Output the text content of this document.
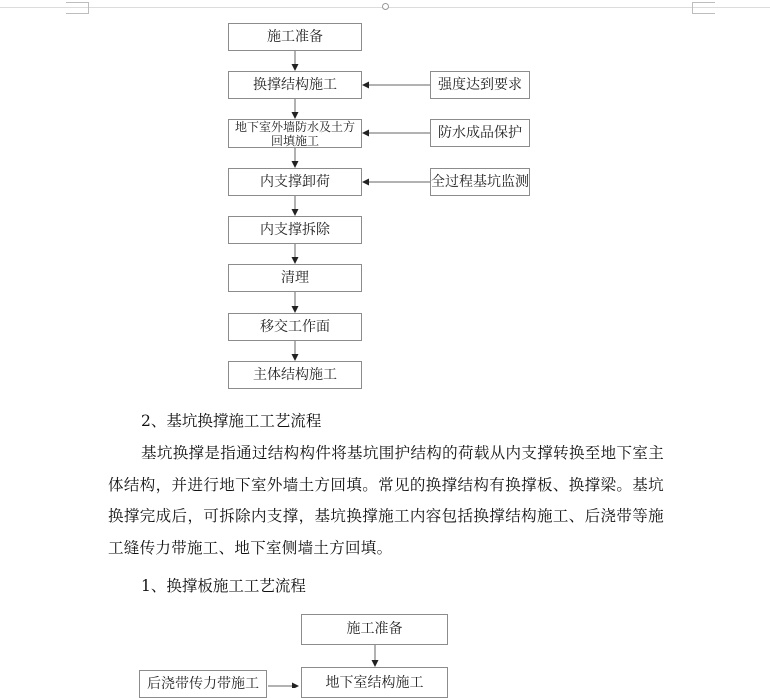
施工准备
换撑结构施工
地下室外墙防水及土方回填施工
内支撑卸荷
内支撑拆除
清理
移交工作面
主体结构施工
强度达到要求
防水成品保护
全过程基坑监测
2、基坑换撑施工工艺流程
基坑换撑是指通过结构构件将基坑围护结构的荷载从内支撑转换至地下室主体结构，并进行地下室外墙土方回填。常见的换撑结构有换撑板、换撑梁。基坑换撑完成后，可拆除内支撑，基坑换撑施工内容包括换撑结构施工、后浇带等施工缝传力带施工、地下室侧墙土方回填。
1、换撑板施工工艺流程
施工准备
地下室结构施工
后浇带传力带施工
